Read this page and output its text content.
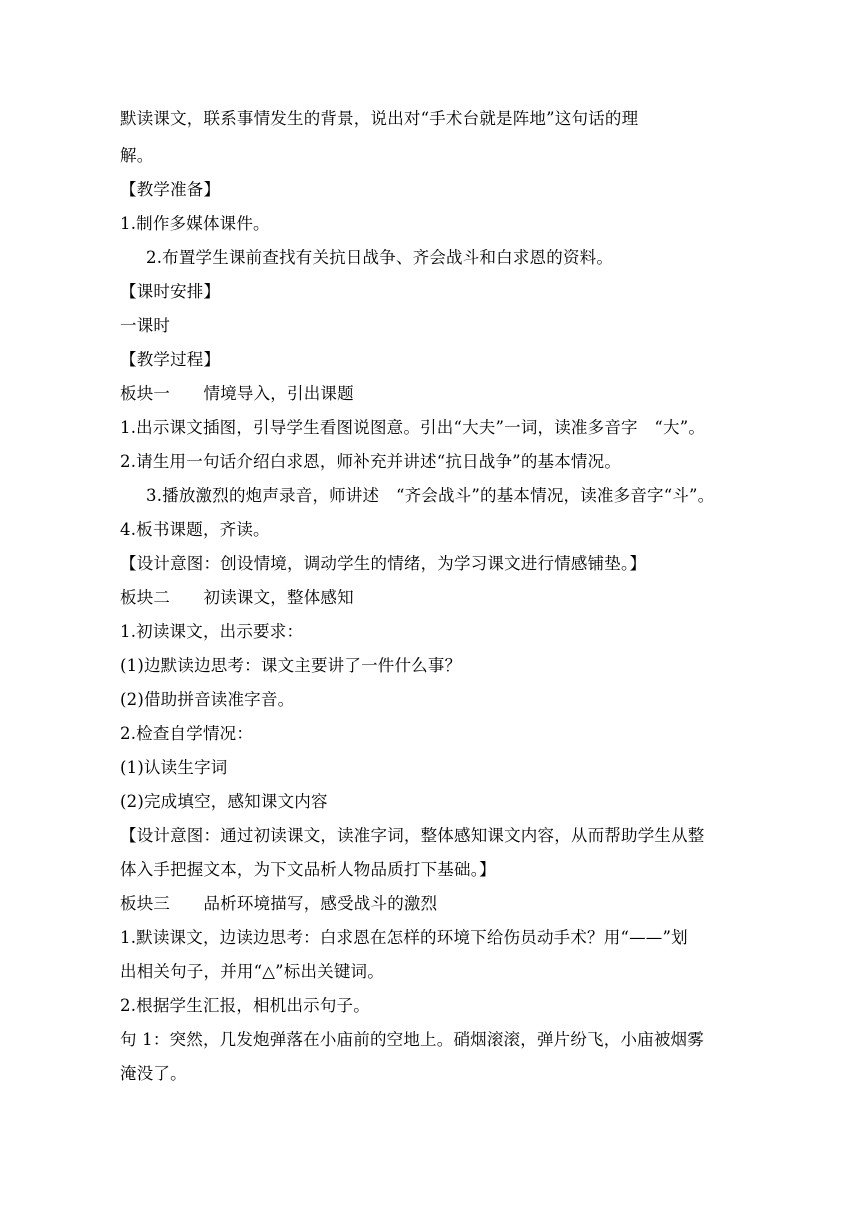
默读课文，联系事情发生的背景，说出对“手术台就是阵地”这句话的理
解。
【教学准备】
1.制作多媒体课件。
2.布置学生课前查找有关抗日战争、齐会战斗和白求恩的资料。
【课时安排】
一课时
【教学过程】
板块一　　情境导入，引出课题
1.出示课文插图，引导学生看图说图意。引出“大夫”一词，读准多音字　“大”。
2.请生用一句话介绍白求恩，师补充并讲述“抗日战争”的基本情况。
3.播放激烈的炮声录音，师讲述　“齐会战斗”的基本情况，读准多音字“斗”。
4.板书课题，齐读。
【设计意图：创设情境，调动学生的情绪，为学习课文进行情感铺垫。】
板块二　　初读课文，整体感知
1.初读课文，出示要求：
(1)边默读边思考：课文主要讲了一件什么事？
(2)借助拼音读准字音。
2.检查自学情况：
(1)认读生字词
(2)完成填空，感知课文内容
【设计意图：通过初读课文，读准字词，整体感知课文内容，从而帮助学生从整
体入手把握文本，为下文品析人物品质打下基础。】
板块三　　品析环境描写，感受战斗的激烈
1.默读课文，边读边思考：白求恩在怎样的环境下给伤员动手术？用“——”划
出相关句子，并用“△”标出关键词。
2.根据学生汇报，相机出示句子。
句 1：突然，几发炮弹落在小庙前的空地上。硝烟滚滚，弹片纷飞，小庙被烟雾
淹没了。
